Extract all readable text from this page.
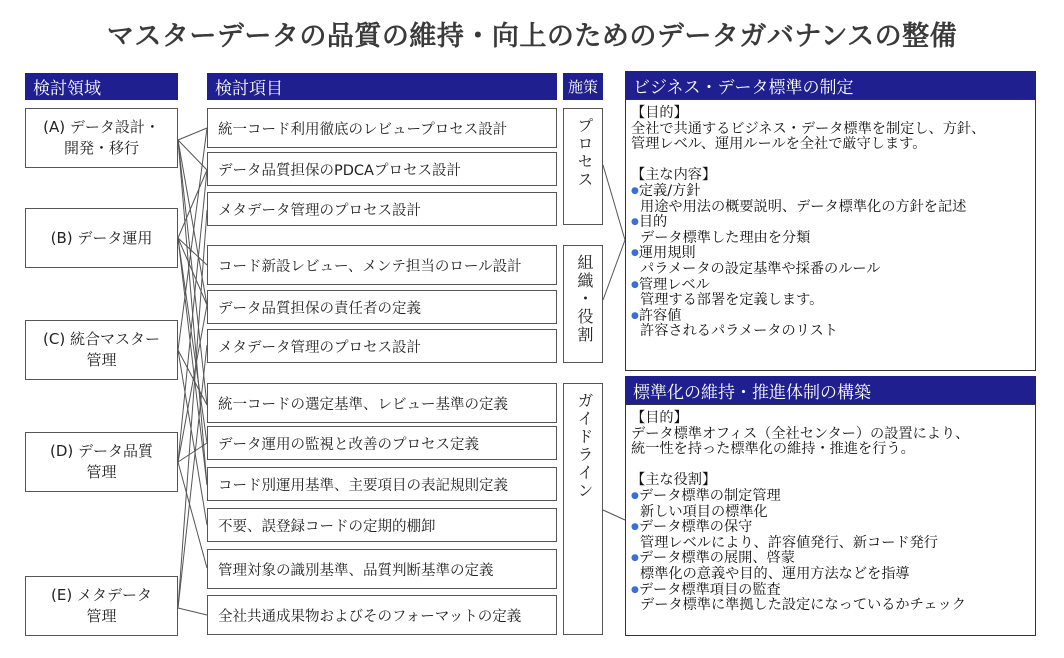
マスターデータの品質の維持・向上のためのデータガバナンスの整備
検討領域	検討項目	施策
(A) データ設計・
開発・移行
(B) データ運用
(C) 統合マスター
管理
(D) データ品質
管理
(E) メタデータ
管理
統一コード利用徹底のレビュープロセス設計
データ品質担保のPDCAプロセス設計
メタデータ管理のプロセス設計
コード新設レビュー、メンテ担当のロール設計
データ品質担保の責任者の定義
メタデータ管理のプロセス設計
統一コードの選定基準、レビュー基準の定義
データ運用の監視と改善のプロセス定義
コード別運用基準、主要項目の表記規則定義
不要、誤登録コードの定期的棚卸
管理対象の識別基準、品質判断基準の定義
全社共通成果物およびそのフォーマットの定義
プロセス
組織・役割
ガイドライン
ビジネス・データ標準の制定
【目的】
全社で共通するビジネス・データ標準を制定し、方針、
管理レベル、運用ルールを全社で厳守します。

【主な内容】
●定義/方針
用途や用法の概要説明、データ標準化の方針を記述
●目的
データ標準した理由を分類
●運用規則
パラメータの設定基準や採番のルール
●管理レベル
管理する部署を定義します。
●許容値
許容されるパラメータのリスト
標準化の維持・推進体制の構築
【目的】
データ標準オフィス（全社センター）の設置により、
統一性を持った標準化の維持・推進を行う。

【主な役割】
●データ標準の制定管理
新しい項目の標準化
●データ標準の保守
管理レベルにより、許容値発行、新コード発行
●データ標準の展開、啓蒙
標準化の意義や目的、運用方法などを指導
●データ標準項目の監査
データ標準に準拠した設定になっているかチェック
